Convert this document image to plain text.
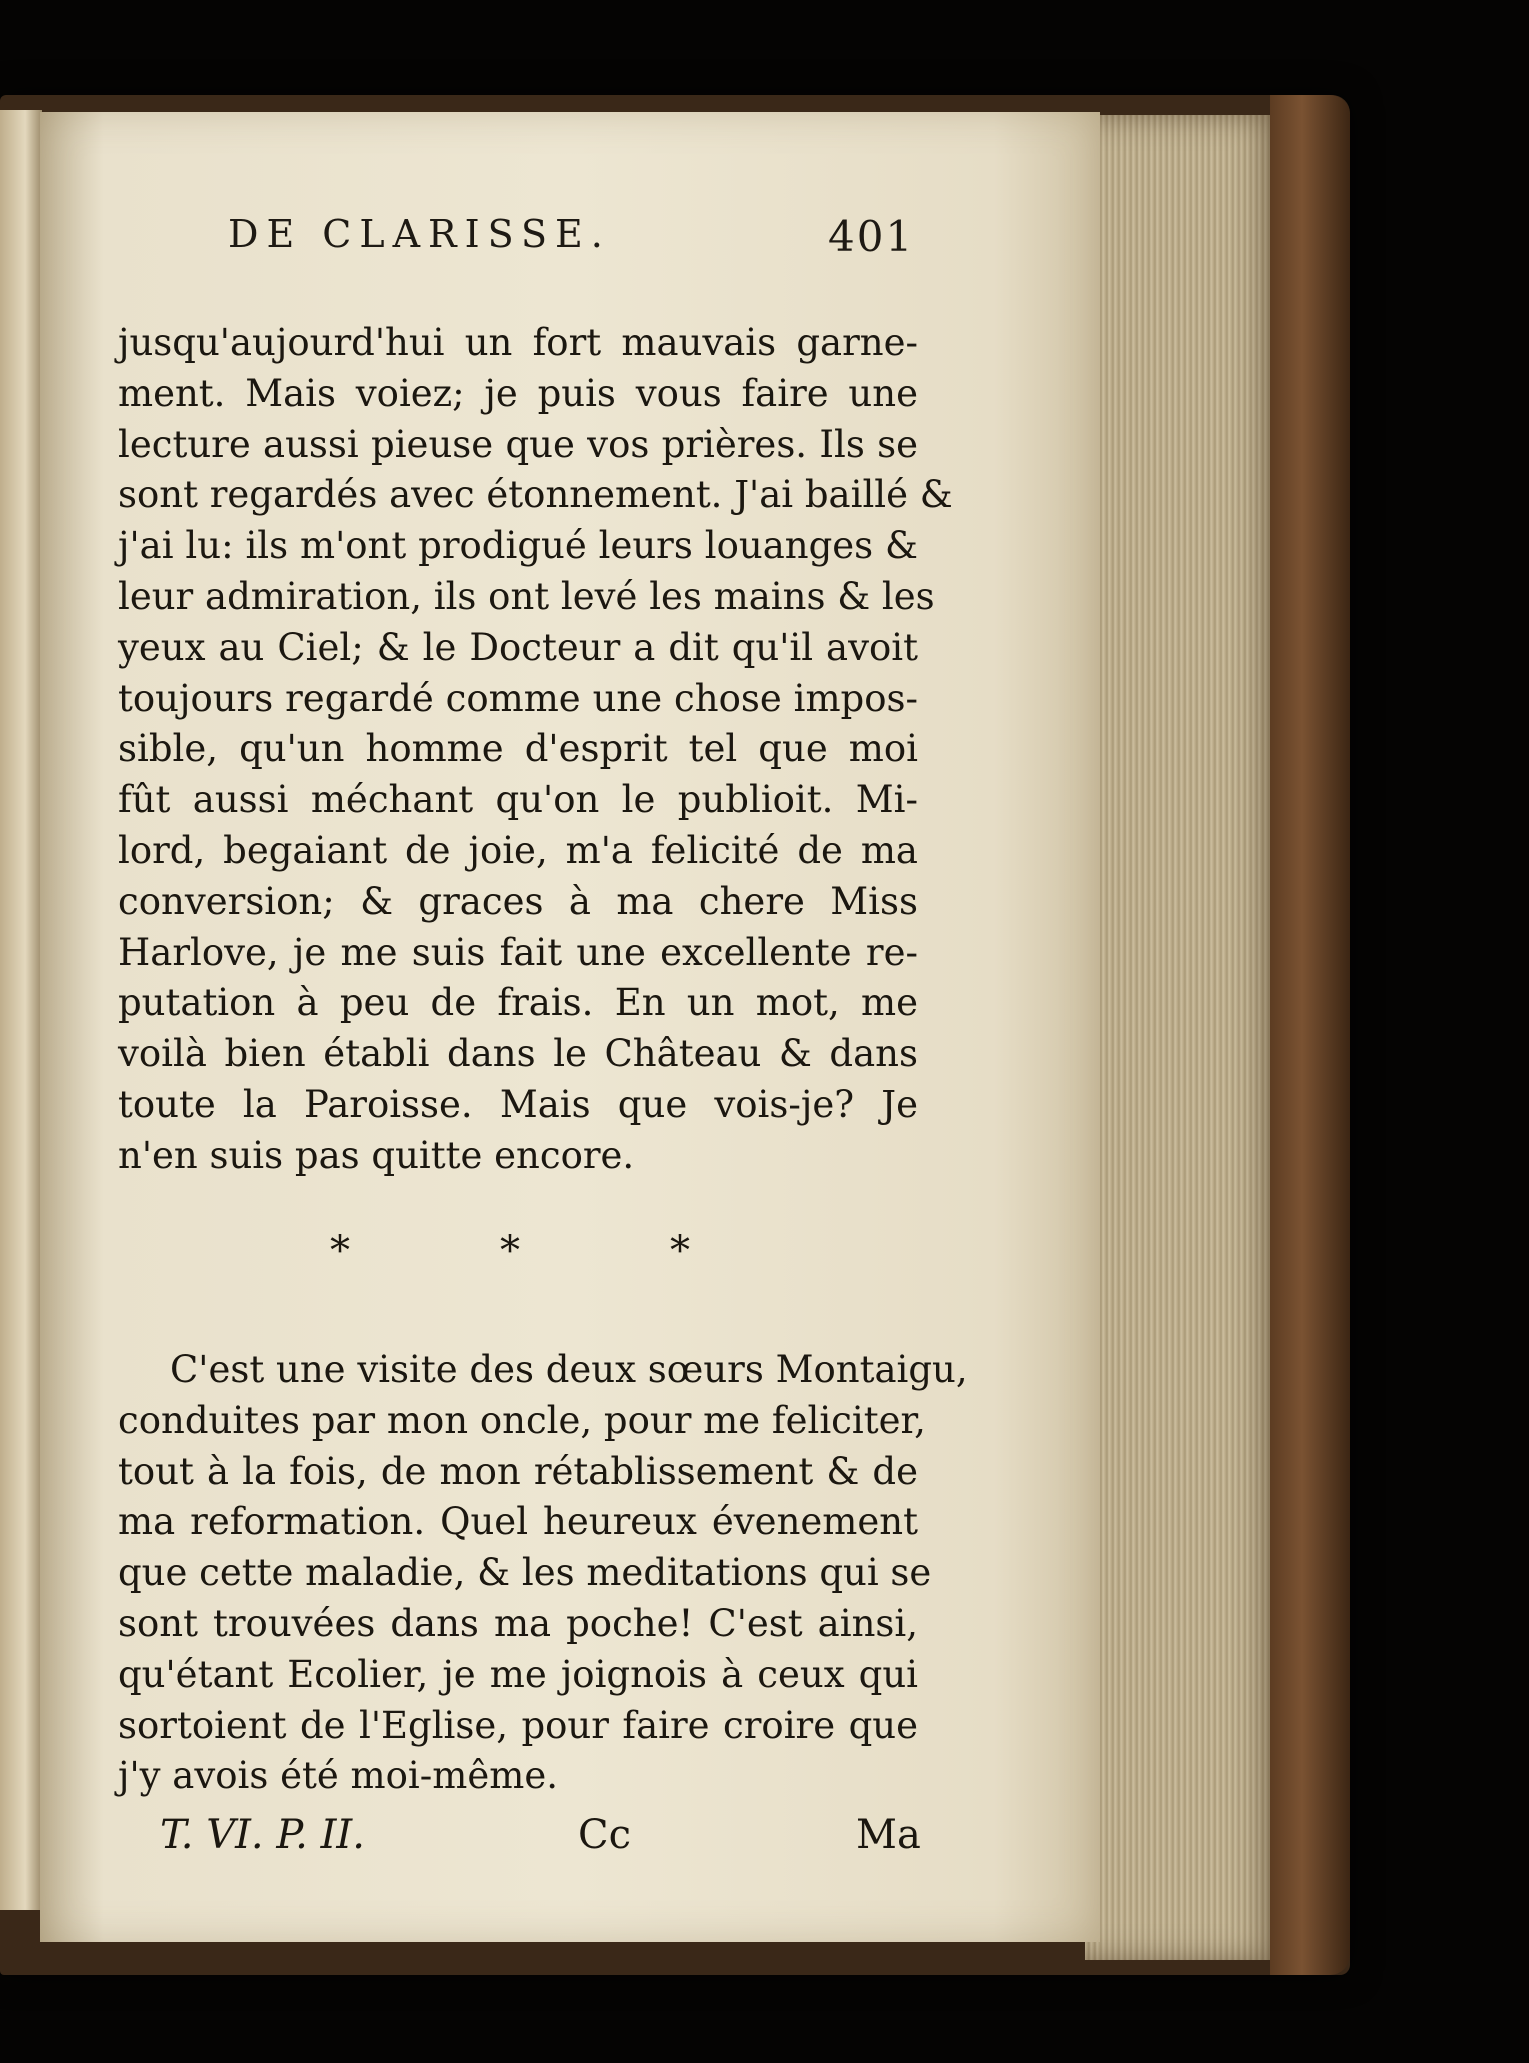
DE CLARISSE.	401
jusqu'aujourd'hui un fort mauvais garne-
ment. Mais voiez; je puis vous faire une
lecture aussi pieuse que vos prières. Ils se
sont regardés avec étonnement. J'ai baillé &
j'ai lu: ils m'ont prodigué leurs louanges &
leur admiration, ils ont levé les mains & les
yeux au Ciel; & le Docteur a dit qu'il avoit
toujours regardé comme une chose impos-
sible, qu'un homme d'esprit tel que moi
fût aussi méchant qu'on le publioit. Mi-
lord, begaiant de joie, m'a felicité de ma
conversion; & graces à ma chere Miss
Harlove, je me suis fait une excellente re-
putation à peu de frais. En un mot, me
voilà bien établi dans le Château & dans
toute la Paroisse. Mais que vois-je? Je
n'en suis pas quitte encore.
*	*	*
C'est une visite des deux sœurs Montaigu,
conduites par mon oncle, pour me feliciter,
tout à la fois, de mon rétablissement & de
ma reformation. Quel heureux évenement
que cette maladie, & les meditations qui se
sont trouvées dans ma poche! C'est ainsi,
qu'étant Ecolier, je me joignois à ceux qui
sortoient de l'Eglise, pour faire croire que
j'y avois été moi-même.
T. VI. P. II.	Cc	Ma
